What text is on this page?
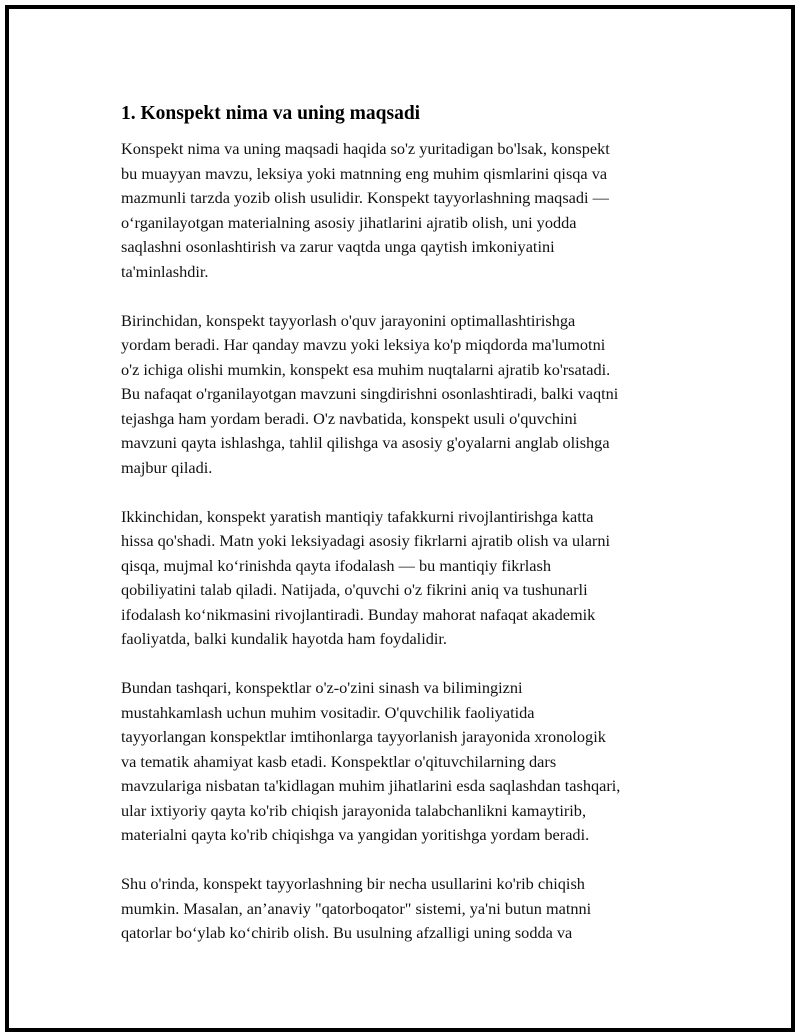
1. Konspekt nima va uning maqsadi

Konspekt nima va uning maqsadi haqida so'z yuritadigan bo'lsak, konspekt
bu muayyan mavzu, leksiya yoki matnning eng muhim qismlarini qisqa va
mazmunli tarzda yozib olish usulidir. Konspekt tayyorlashning maqsadi —
o‘rganilayotgan materialning asosiy jihatlarini ajratib olish, uni yodda
saqlashni osonlashtirish va zarur vaqtda unga qaytish imkoniyatini
ta'minlashdir.

Birinchidan, konspekt tayyorlash o'quv jarayonini optimallashtirishga
yordam beradi. Har qanday mavzu yoki leksiya ko'p miqdorda ma'lumotni
o'z ichiga olishi mumkin, konspekt esa muhim nuqtalarni ajratib ko'rsatadi.
Bu nafaqat o'rganilayotgan mavzuni singdirishni osonlashtiradi, balki vaqtni
tejashga ham yordam beradi. O'z navbatida, konspekt usuli o'quvchini
mavzuni qayta ishlashga, tahlil qilishga va asosiy g'oyalarni anglab olishga
majbur qiladi.

Ikkinchidan, konspekt yaratish mantiqiy tafakkurni rivojlantirishga katta
hissa qo'shadi. Matn yoki leksiyadagi asosiy fikrlarni ajratib olish va ularni
qisqa, mujmal ko‘rinishda qayta ifodalash — bu mantiqiy fikrlash
qobiliyatini talab qiladi. Natijada, o'quvchi o'z fikrini aniq va tushunarli
ifodalash ko‘nikmasini rivojlantiradi. Bunday mahorat nafaqat akademik
faoliyatda, balki kundalik hayotda ham foydalidir.

Bundan tashqari, konspektlar o'z-o'zini sinash va bilimingizni
mustahkamlash uchun muhim vositadir. O'quvchilik faoliyatida
tayyorlangan konspektlar imtihonlarga tayyorlanish jarayonida xronologik
va tematik ahamiyat kasb etadi. Konspektlar o'qituvchilarning dars
mavzulariga nisbatan ta'kidlagan muhim jihatlarini esda saqlashdan tashqari,
ular ixtiyoriy qayta ko'rib chiqish jarayonida talabchanlikni kamaytirib,
materialni qayta ko'rib chiqishga va yangidan yoritishga yordam beradi.

Shu o'rinda, konspekt tayyorlashning bir necha usullarini ko'rib chiqish
mumkin. Masalan, an’anaviy "qatorboqator" sistemi, ya'ni butun matnni
qatorlar bo‘ylab ko‘chirib olish. Bu usulning afzalligi uning sodda va
